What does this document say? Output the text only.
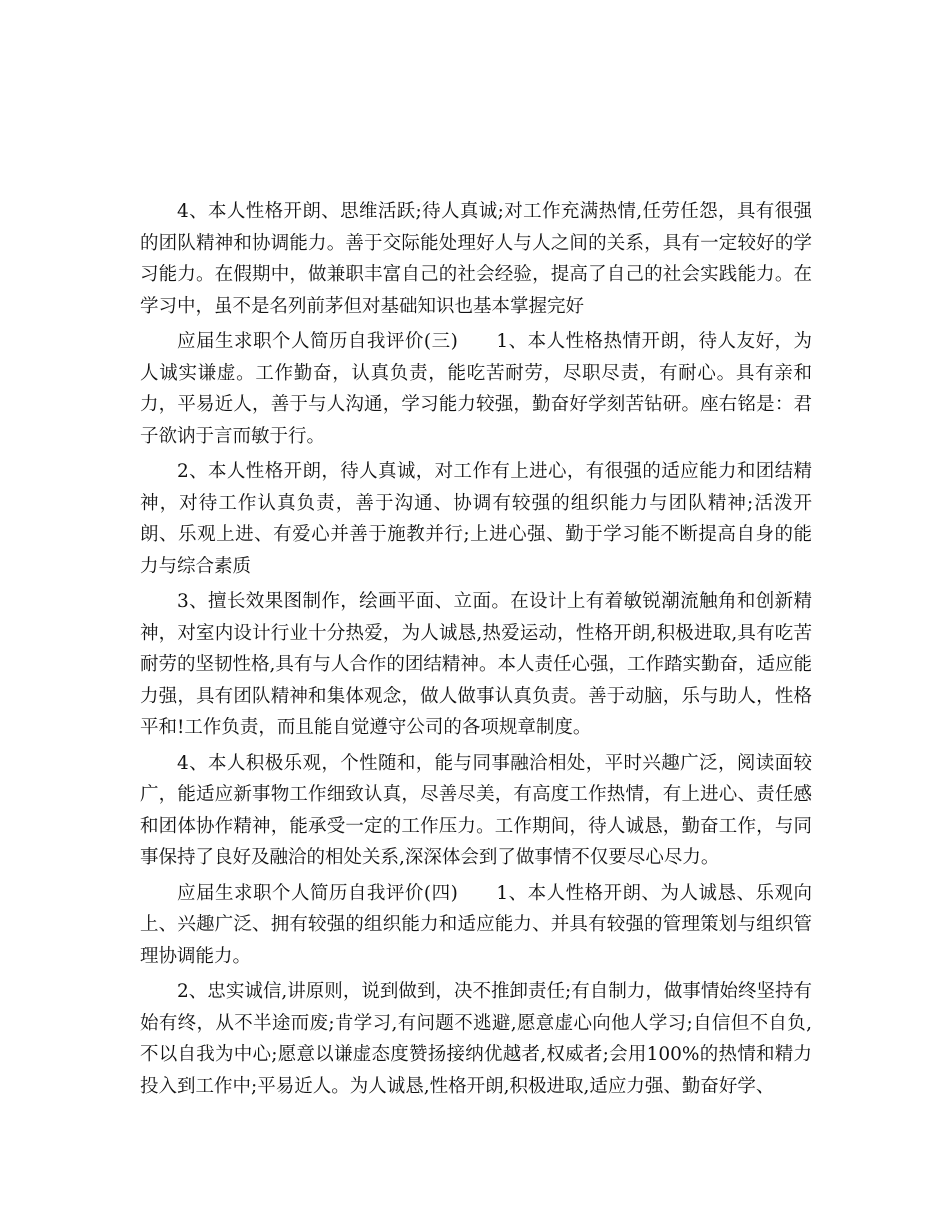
4、本人性格开朗、思维活跃;待人真诚;对工作充满热情,任劳任怨，具有很强的团队精神和协调能力。善于交际能处理好人与人之间的关系，具有一定较好的学习能力。在假期中，做兼职丰富自己的社会经验，提高了自己的社会实践能力。在学习中，虽不是名列前茅但对基础知识也基本掌握完好

应届生求职个人简历自我评价(三)　　1、本人性格热情开朗，待人友好，为人诚实谦虚。工作勤奋，认真负责，能吃苦耐劳，尽职尽责，有耐心。具有亲和力，平易近人，善于与人沟通，学习能力较强，勤奋好学刻苦钻研。座右铭是：君子欲讷于言而敏于行。

2、本人性格开朗，待人真诚，对工作有上进心，有很强的适应能力和团结精神，对待工作认真负责，善于沟通、协调有较强的组织能力与团队精神;活泼开朗、乐观上进、有爱心并善于施教并行;上进心强、勤于学习能不断提高自身的能力与综合素质

3、擅长效果图制作，绘画平面、立面。在设计上有着敏锐潮流触角和创新精神，对室内设计行业十分热爱，为人诚恳,热爱运动，性格开朗,积极进取,具有吃苦耐劳的坚韧性格,具有与人合作的团结精神。本人责任心强，工作踏实勤奋，适应能力强，具有团队精神和集体观念，做人做事认真负责。善于动脑，乐与助人，性格平和!工作负责，而且能自觉遵守公司的各项规章制度。

4、本人积极乐观，个性随和，能与同事融洽相处，平时兴趣广泛，阅读面较广，能适应新事物工作细致认真，尽善尽美，有高度工作热情，有上进心、责任感和团体协作精神，能承受一定的工作压力。工作期间，待人诚恳，勤奋工作，与同事保持了良好及融洽的相处关系,深深体会到了做事情不仅要尽心尽力。

应届生求职个人简历自我评价(四)　　1、本人性格开朗、为人诚恳、乐观向上、兴趣广泛、拥有较强的组织能力和适应能力、并具有较强的管理策划与组织管理协调能力。

2、忠实诚信,讲原则，说到做到，决不推卸责任;有自制力，做事情始终坚持有始有终，从不半途而废;肯学习,有问题不逃避,愿意虚心向他人学习;自信但不自负,不以自我为中心;愿意以谦虚态度赞扬接纳优越者,权威者;会用100%的热情和精力投入到工作中;平易近人。为人诚恳,性格开朗,积极进取,适应力强、勤奋好学、
